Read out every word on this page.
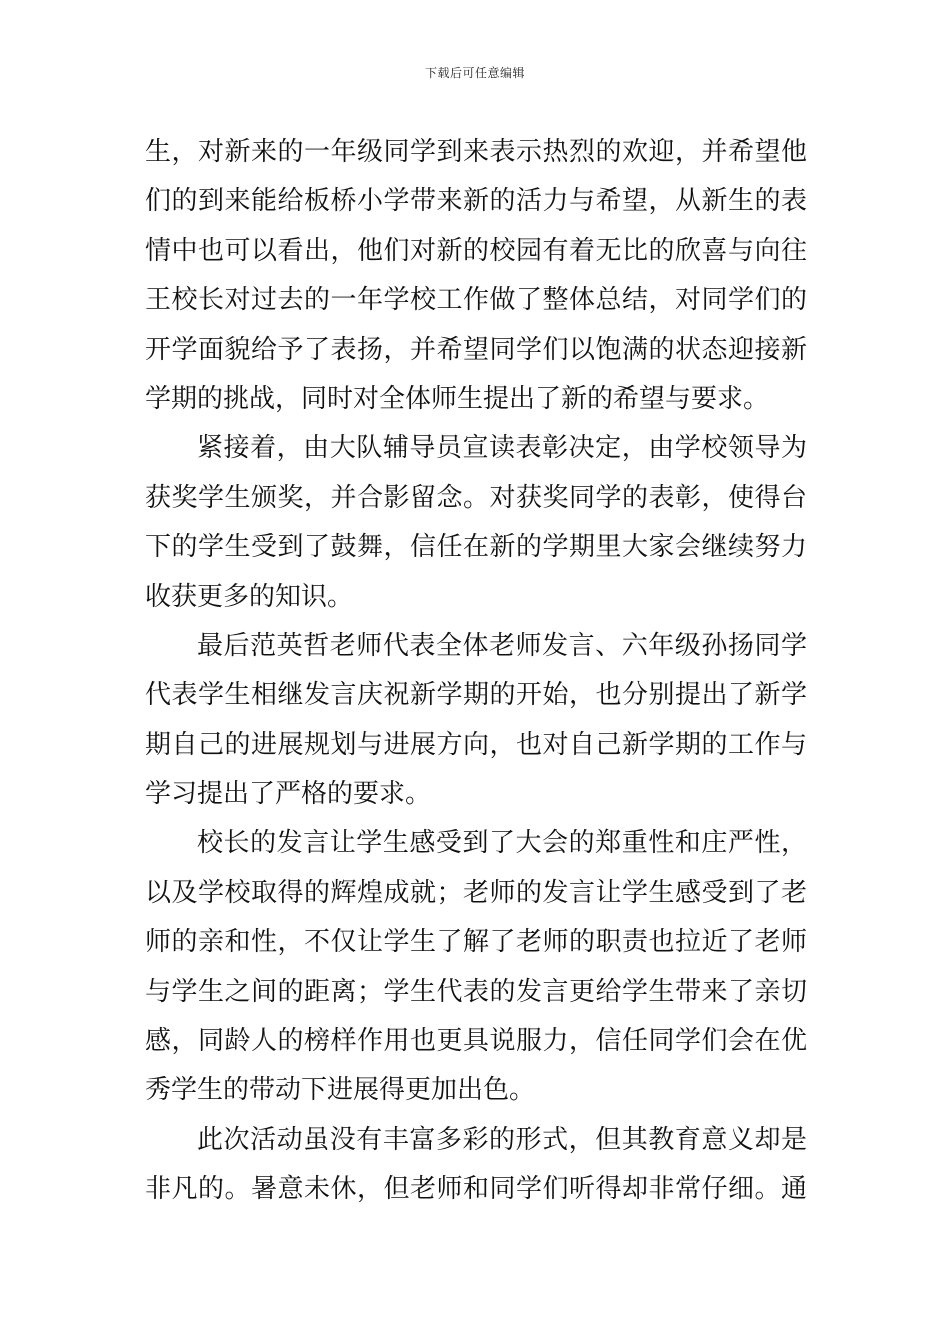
下载后可任意编辑
生，对新来的一年级同学到来表示热烈的欢迎，并希望他
们的到来能给板桥小学带来新的活力与希望，从新生的表
情中也可以看出，他们对新的校园有着无比的欣喜与向往
王校长对过去的一年学校工作做了整体总结，对同学们的
开学面貌给予了表扬，并希望同学们以饱满的状态迎接新
学期的挑战，同时对全体师生提出了新的希望与要求。
紧接着，由大队辅导员宣读表彰决定，由学校领导为
获奖学生颁奖，并合影留念。对获奖同学的表彰，使得台
下的学生受到了鼓舞，信任在新的学期里大家会继续努力
收获更多的知识。
最后范英哲老师代表全体老师发言、六年级孙扬同学
代表学生相继发言庆祝新学期的开始，也分别提出了新学
期自己的进展规划与进展方向，也对自己新学期的工作与
学习提出了严格的要求。
校长的发言让学生感受到了大会的郑重性和庄严性，
以及学校取得的辉煌成就；老师的发言让学生感受到了老
师的亲和性，不仅让学生了解了老师的职责也拉近了老师
与学生之间的距离；学生代表的发言更给学生带来了亲切
感，同龄人的榜样作用也更具说服力，信任同学们会在优
秀学生的带动下进展得更加出色。
此次活动虽没有丰富多彩的形式，但其教育意义却是
非凡的。暑意未休，但老师和同学们听得却非常仔细。通
